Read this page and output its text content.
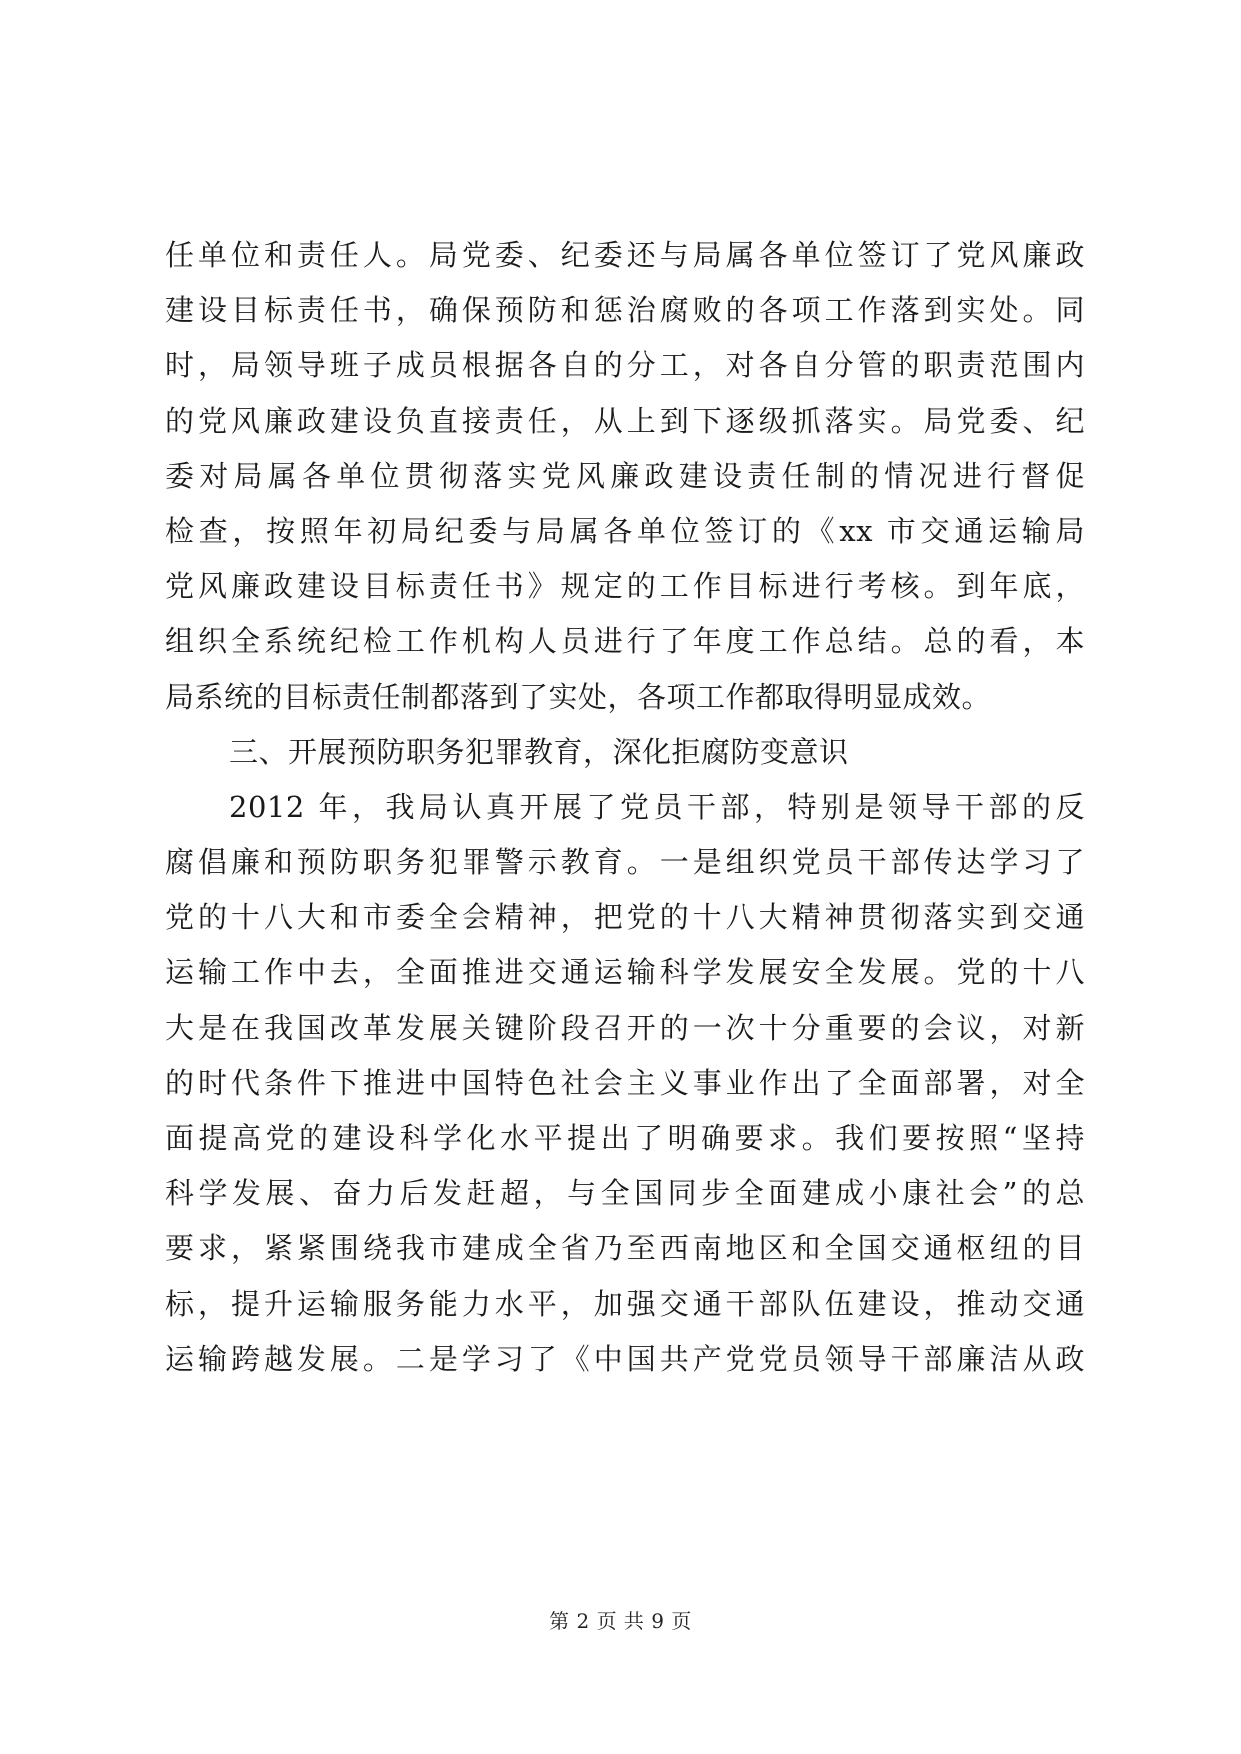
任单位和责任人。局党委、纪委还与局属各单位签订了党风廉政
建设目标责任书，确保预防和惩治腐败的各项工作落到实处。同
时，局领导班子成员根据各自的分工，对各自分管的职责范围内
的党风廉政建设负直接责任，从上到下逐级抓落实。局党委、纪
委对局属各单位贯彻落实党风廉政建设责任制的情况进行督促
检查，按照年初局纪委与局属各单位签订的《xx 市交通运输局
党风廉政建设目标责任书》规定的工作目标进行考核。到年底，
组织全系统纪检工作机构人员进行了年度工作总结。总的看，本
局系统的目标责任制都落到了实处，各项工作都取得明显成效。
三、开展预防职务犯罪教育，深化拒腐防变意识
2012 年，我局认真开展了党员干部，特别是领导干部的反
腐倡廉和预防职务犯罪警示教育。一是组织党员干部传达学习了
党的十八大和市委全会精神，把党的十八大精神贯彻落实到交通
运输工作中去，全面推进交通运输科学发展安全发展。党的十八
大是在我国改革发展关键阶段召开的一次十分重要的会议，对新
的时代条件下推进中国特色社会主义事业作出了全面部署，对全
面提高党的建设科学化水平提出了明确要求。我们要按照“坚持
科学发展、奋力后发赶超，与全国同步全面建成小康社会”的总
要求，紧紧围绕我市建成全省乃至西南地区和全国交通枢纽的目
标，提升运输服务能力水平，加强交通干部队伍建设，推动交通
运输跨越发展。二是学习了《中国共产党党员领导干部廉洁从政
第 2 页 共 9 页
